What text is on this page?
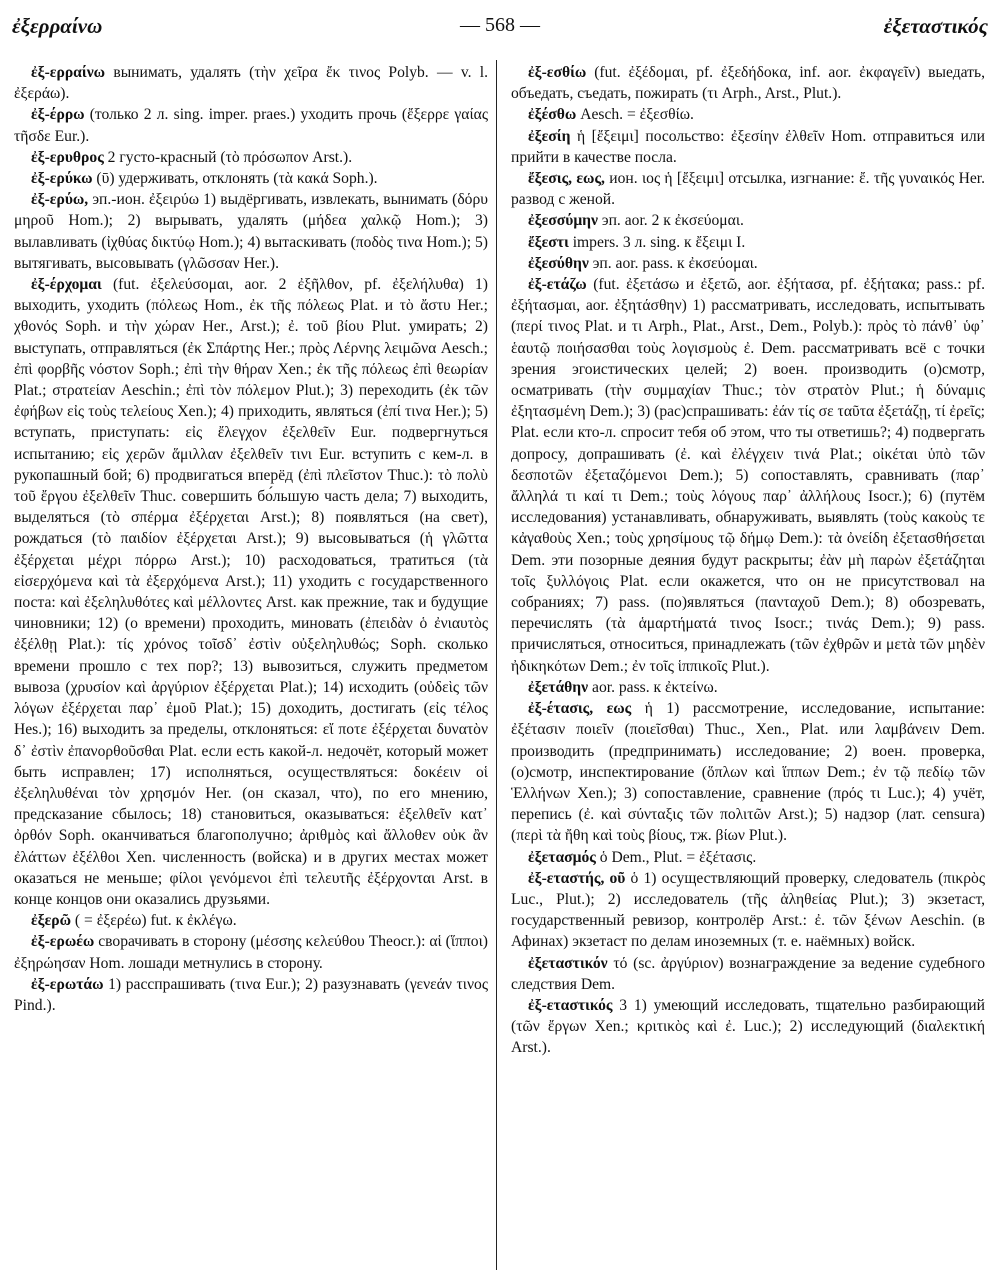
ἐξερραίνω	— 568 —	ἐξεταστικός

ἐξ-ερραίνω вынимать, удалять (τὴν χεῖρα ἔκ τινος Polyb. — v. l. ἐξεράω).

ἐξ-έρρω (только 2 л. sing. imper. praes.) уходить прочь (ἔξερρε γαίας τῆσδε Eur.).

ἐξ-ερυθρος 2 густо-красный (τὸ πρόσωπον Arst.).

ἐξ-ερύκω (ῡ) удерживать, отклонять (τὰ κακά Soph.).

ἐξ-ερύω, эп.-ион. ἐξειρύω 1) выдёргивать, извлекать, вынимать (δόρυ μηροῦ Hom.); 2) вырывать, удалять (μήδεα χαλκῷ Hom.); 3) вылавливать (ἰχθύας δικτύῳ Hom.); 4) вытаскивать (ποδὸς τινα Hom.); 5) вытягивать, высовывать (γλῶσσαν Her.).

ἐξ-έρχομαι (fut. ἐξελεύσομαι, aor. 2 ἐξῆλθον, pf. ἐξελήλυθα) 1) выходить, уходить (πόλεως Hom., ἐκ τῆς πόλεως Plat. и τὸ ἄστυ Her.; χθονός Soph. и τὴν χώραν Her., Arst.); ἐ. τοῦ βίου Plut. умирать; 2) выступать, отправляться (ἐκ Σπάρτης Her.; πρὸς Λέρνης λειμῶνα Aesch.; ἐπὶ φορβῆς νόστον Soph.; ἐπὶ τὴν θήραν Xen.; ἐκ τῆς πόλεως ἐπὶ θεωρίαν Plat.; στρατείαν Aeschin.; ἐπὶ τὸν πόλεμον Plut.); 3) переходить (ἐκ τῶν ἐφήβων εἰς τοὺς τελείους Xen.); 4) приходить, являться (ἐπί τινα Her.); 5) вступать, приступать: εἰς ἔλεγχον ἐξελθεῖν Eur. подвергнуться испытанию; εἰς χερῶν ἅμιλλαν ἐξελθεῖν τινι Eur. вступить с кем-л. в рукопашный бой; 6) продвигаться вперёд (ἐπὶ πλεῖστον Thuc.): τὸ πολὺ τοῦ ἔργου ἐξελθεῖν Thuc. совершить бо́льшую часть дела; 7) выходить, выделяться (τὸ σπέρμα ἐξέρχεται Arst.); 8) появляться (на свет), рождаться (τὸ παιδίον ἐξέρχεται Arst.); 9) высовываться (ἡ γλῶττα ἐξέρχεται μέχρι πόρρω Arst.); 10) расходоваться, тратиться (τὰ εἰσερχόμενα καὶ τὰ ἐξερχόμενα Arst.); 11) уходить с государственного поста: καὶ ἐξεληλυθότες καὶ μέλλοντες Arst. как прежние, так и будущие чиновники; 12) (о времени) проходить, миновать (ἐπειδὰν ὁ ἐνιαυτὸς ἐξέλθῃ Plat.): τίς χρόνος τοῖσδ᾽ ἐστὶν οὐξεληλυθώς; Soph. сколько времени прошло с тех пор?; 13) вывозиться, служить предметом вывоза (χρυσίον καὶ ἀργύριον ἐξέρχεται Plat.); 14) исходить (οὐδεὶς τῶν λόγων ἐξέρχεται παρ᾽ ἐμοῦ Plat.); 15) доходить, достигать (εἰς τέλος Hes.); 16) выходить за пределы, отклоняться: εἴ ποτε ἐξέρχεται δυνατὸν δ᾽ ἐστὶν ἐπανορθοῦσθαι Plat. если есть какой-л. недочёт, который может быть исправлен; 17) исполняться, осуществляться: δοκέειν οἱ ἐξεληλυθέναι τὸν χρησμόν Her. (он сказал, что), по его мнению, предсказание сбылось; 18) становиться, оказываться: ἐξελθεῖν κατ᾽ ὀρθόν Soph. оканчиваться благополучно; ἀριθμὸς καὶ ἄλλοθεν οὐκ ἂν ἐλάττων ἐξέλθοι Xen. численность (войска) и в других местах может оказаться не меньше; φίλοι γενόμενοι ἐπὶ τελευτῆς ἐξέρχονται Arst. в конце концов они оказались друзьями.

ἐξερῶ ( = ἐξερέω) fut. к ἐκλέγω.

ἐξ-ερωέω сворачивать в сторону (μέσσης κελεύθου Theocr.): αἱ (ἵπποι) ἐξηρώησαν Hom. лошади метнулись в сторону.

ἐξ-ερωτάω 1) расспрашивать (τινα Eur.); 2) разузнавать (γενεάν τινος Pind.).

ἐξ-εσθίω (fut. ἐξέδομαι, pf. ἐξεδήδοκα, inf. aor. ἐκφαγεῖν) выедать, объедать, съедать, пожирать (τι Arph., Arst., Plut.).

ἐξέσθω Aesch. = ἐξεσθίω.

ἐξεσίη ἡ [ἔξειμι] посольство: ἐξεσίην ἐλθεῖν Hom. отправиться или прийти в качестве посла.

ἔξεσις, εως, ион. ιος ἡ [ἔξειμι] отсылка, изгнание: ἔ. τῆς γυναικός Her. развод с женой.

ἐξεσσύμην эп. aor. 2 к ἐκσεύομαι.

ἔξεστι impers. 3 л. sing. к ἔξειμι I.

ἐξεσύθην эп. aor. pass. к ἐκσεύομαι.

ἐξ-ετάζω (fut. ἐξετάσω и ἐξετῶ, aor. ἐξήτασα, pf. ἐξήτακα; pass.: pf. ἐξήτασμαι, aor. ἐξητάσθην) 1) рассматривать, исследовать, испытывать (περί τινος Plat. и τι Arph., Plat., Arst., Dem., Polyb.): πρὸς τὸ πάνθ᾽ ὑφ᾽ ἑαυτῷ ποιήσασθαι τοὺς λογισμοὺς ἐ. Dem. рассматривать всё с точки зрения эгоистических целей; 2) воен. производить (о)смотр, осматривать (τὴν συμμαχίαν Thuc.; τὸν στρατὸν Plut.; ἡ δύναμις ἐξητασμένη Dem.); 3) (рас)спрашивать: ἐάν τίς σε ταῦτα ἐξετάζῃ, τί ἐρεῖς; Plat. если кто-л. спросит тебя об этом, что ты ответишь?; 4) подвергать допросу, допрашивать (ἐ. καὶ ἐλέγχειν τινά Plat.; οἰκέται ὑπὸ τῶν δεσποτῶν ἐξεταζόμενοι Dem.); 5) сопоставлять, сравнивать (παρ᾽ ἄλληλά τι καί τι Dem.; τοὺς λόγους παρ᾽ ἀλλήλους Isocr.); 6) (путём исследования) устанавливать, обнаруживать, выявлять (τοὺς κακοὺς τε κἀγαθοὺς Xen.; τοὺς χρησίμους τῷ δήμῳ Dem.): τὰ ὀνείδη ἐξετασθήσεται Dem. эти позорные деяния будут раскрыты; ἐὰν μὴ παρὼν ἐξετάζηται τοῖς ξυλλόγοις Plat. если окажется, что он не присутствовал на собраниях; 7) pass. (по)являться (πανταχοῦ Dem.); 8) обозревать, перечислять (τὰ ἁμαρτήματά τινος Isocr.; τινάς Dem.); 9) pass. причисляться, относиться, принадлежать (τῶν ἐχθρῶν и μετὰ τῶν μηδὲν ἠδικηκότων Dem.; ἐν τοῖς ἱππικοῖς Plut.).

ἐξετάθην aor. pass. к ἐκτείνω.

ἐξ-έτασις, εως ἡ 1) рассмотрение, исследование, испытание: ἐξέτασιν ποιεῖν (ποιεῖσθαι) Thuc., Xen., Plat. или λαμβάνειν Dem. производить (предпринимать) исследование; 2) воен. проверка, (о)смотр, инспектирование (ὅπλων καὶ ἵππων Dem.; ἐν τῷ πεδίῳ τῶν Ἑλλήνων Xen.); 3) сопоставление, сравнение (πρός τι Luc.); 4) учёт, перепись (ἐ. καὶ σύνταξις τῶν πολιτῶν Arst.); 5) надзор (лат. censura) (περὶ τὰ ἤθη καὶ τοὺς βίους, тж. βίων Plut.).

ἐξετασμός ὁ Dem., Plut. = ἐξέτασις.

ἐξ-εταστής, οῦ ὁ 1) осуществляющий проверку, следователь (πικρὸς Luc., Plut.); 2) исследователь (τῆς ἀληθείας Plut.); 3) экзетаст, государственный ревизор, контролёр Arst.: ἐ. τῶν ξένων Aeschin. (в Афинах) экзетаст по делам иноземных (т. е. наёмных) войск.

ἐξεταστικόν τό (sc. ἀργύριον) вознаграждение за ведение судебного следствия Dem.

ἐξ-εταστικός 3 1) умеющий исследовать, тщательно разбирающий (τῶν ἔργων Xen.; κριτικὸς καὶ ἐ. Luc.); 2) исследующий (διαλεκτική Arst.).
